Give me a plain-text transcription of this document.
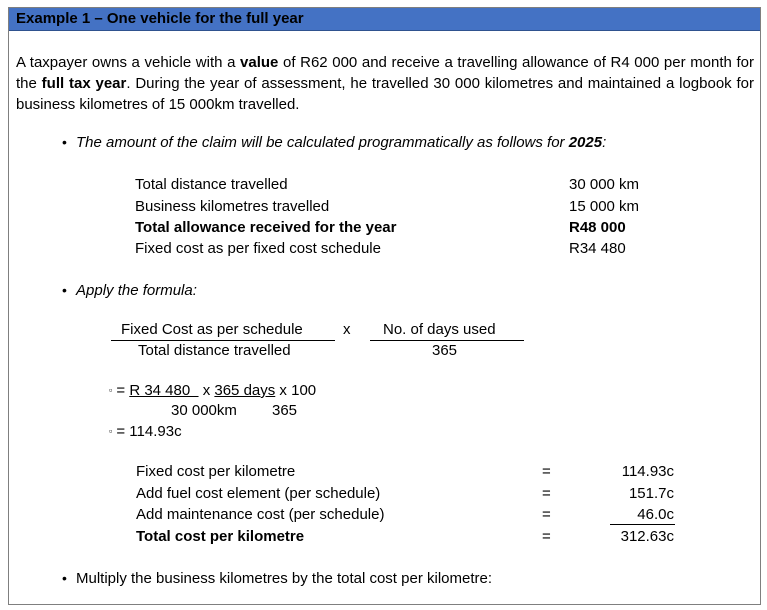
Example 1 – One vehicle for the full year
A taxpayer owns a vehicle with a value of R62 000 and receive a travelling allowance of R4 000 per month for the full tax year. During the year of assessment, he travelled 30 000 kilometres and maintained a logbook for business kilometres of 15 000km travelled.
• The amount of the claim will be calculated programmatically as follows for 2025:
Total distance travelled	30 000 km
Business kilometres travelled	15 000 km
Total allowance received for the year	R48 000
Fixed cost as per fixed cost schedule	R34 480
• Apply the formula:
Fixed Cost as per schedule
Total distance travelled
x No. of days used
365
▫ = R 34 480   x 365 days x 100
30 000km 365
▫ = 114.93c
Fixed cost per kilometre	=	114.93c
Add fuel cost element (per schedule)	=	151.7c
Add maintenance cost (per schedule)	=	46.0c
Total cost per kilometre	=	312.63c
• Multiply the business kilometres by the total cost per kilometre:
